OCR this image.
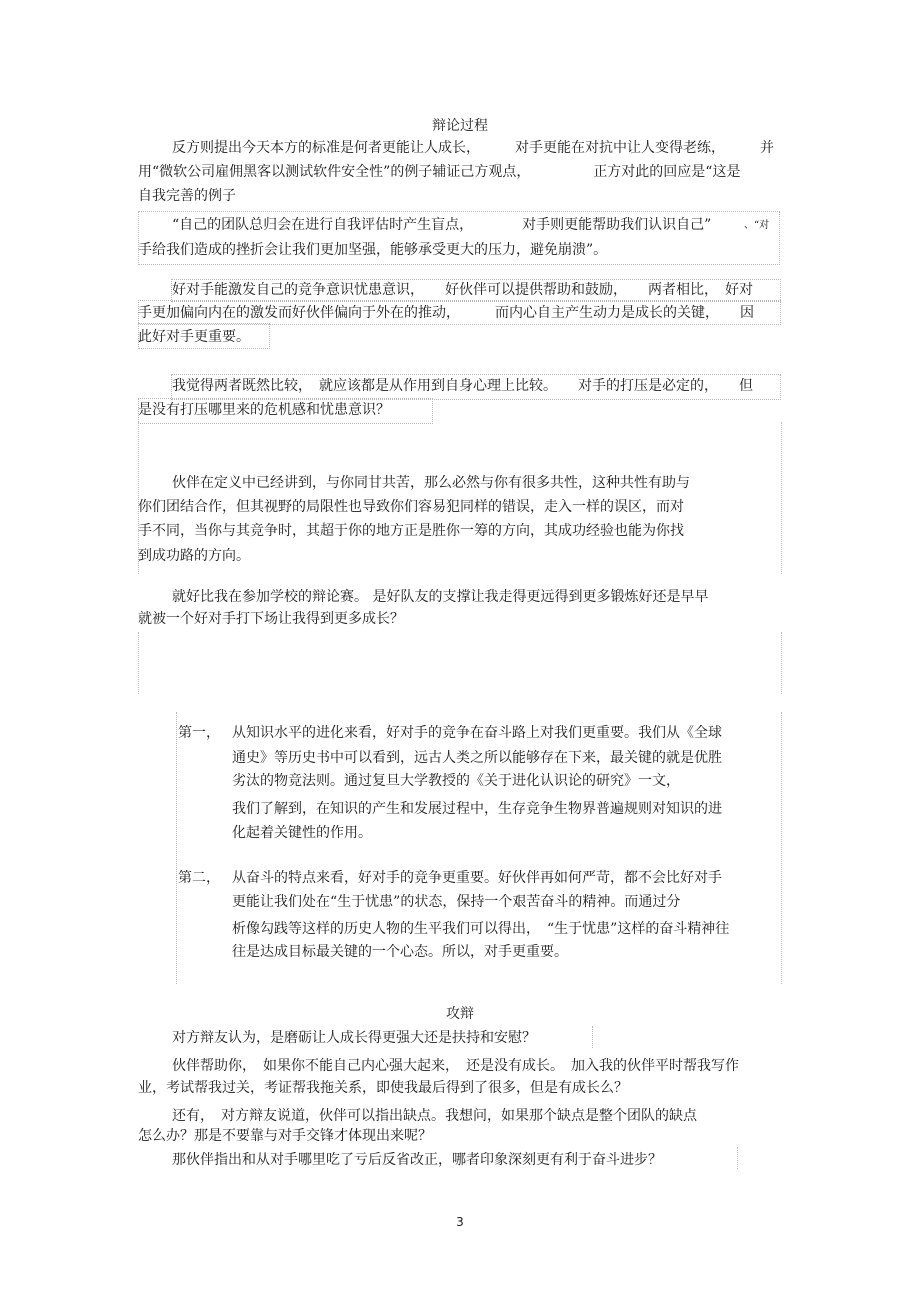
辩论过程
反方则提出今天本方的标准是何者更能让人成长，　　　对手更能在对抗中让人变得老练，　　　并
用“微软公司雇佣黑客以测试软件安全性”的例子辅证己方观点，　　　　　正方对此的回应是“这是
自我完善的例子
“自己的团队总归会在进行自我评估时产生盲点，　　　　对手则更能帮助我们认识自己”	、“对
手给我们造成的挫折会让我们更加坚强，能够承受更大的压力，避免崩溃”。
好对手能激发自己的竞争意识忧患意识，　　好伙伴可以提供帮助和鼓励，　　两者相比，　好对
手更加偏向内在的激发而好伙伴偏向于外在的推动，　　　而内心自主产生动力是成长的关键，　　因
此好对手更重要。
我觉得两者既然比较，　就应该都是从作用到自身心理上比较。　　对手的打压是必定的，　　但
是没有打压哪里来的危机感和忧患意识？
伙伴在定义中已经讲到，与你同甘共苦，那么必然与你有很多共性，这种共性有助与
你们团结合作，但其视野的局限性也导致你们容易犯同样的错误，走入一样的误区，而对
手不同，当你与其竞争时，其超于你的地方正是胜你一筹的方向，其成功经验也能为你找
到成功路的方向。
就好比我在参加学校的辩论赛。 是好队友的支撑让我走得更远得到更多锻炼好还是早早
就被一个好对手打下场让我得到更多成长？
第一， 从知识水平的进化来看，好对手的竞争在奋斗路上对我们更重要。我们从《全球
通史》等历史书中可以看到，远古人类之所以能够存在下来，最关键的就是优胜
劣汰的物竞法则。通过复旦大学教授的《关于进化认识论的研究》一文，
我们了解到，在知识的产生和发展过程中，生存竞争生物界普遍规则对知识的进
化起着关键性的作用。
第二， 从奋斗的特点来看，好对手的竞争更重要。好伙伴再如何严苛，都不会比好对手
更能让我们处在“生于忧患”的状态，保持一个艰苦奋斗的精神。而通过分
析像勾践等这样的历史人物的生平我们可以得出，　“生于忧患”这样的奋斗精神往
往是达成目标最关键的一个心态。所以，对手更重要。
攻辩
对方辩友认为，是磨砺让人成长得更强大还是扶持和安慰？
伙伴帮助你，　如果你不能自己内心强大起来，　还是没有成长。　加入我的伙伴平时帮我写作
业，考试帮我过关，考证帮我拖关系，即使我最后得到了很多，但是有成长么？
还有，　对方辩友说道，伙伴可以指出缺点。我想问，如果那个缺点是整个团队的缺点
怎么办？那是不要靠与对手交锋才体现出来呢？
那伙伴指出和从对手哪里吃了亏后反省改正，哪者印象深刻更有利于奋斗进步？
3
